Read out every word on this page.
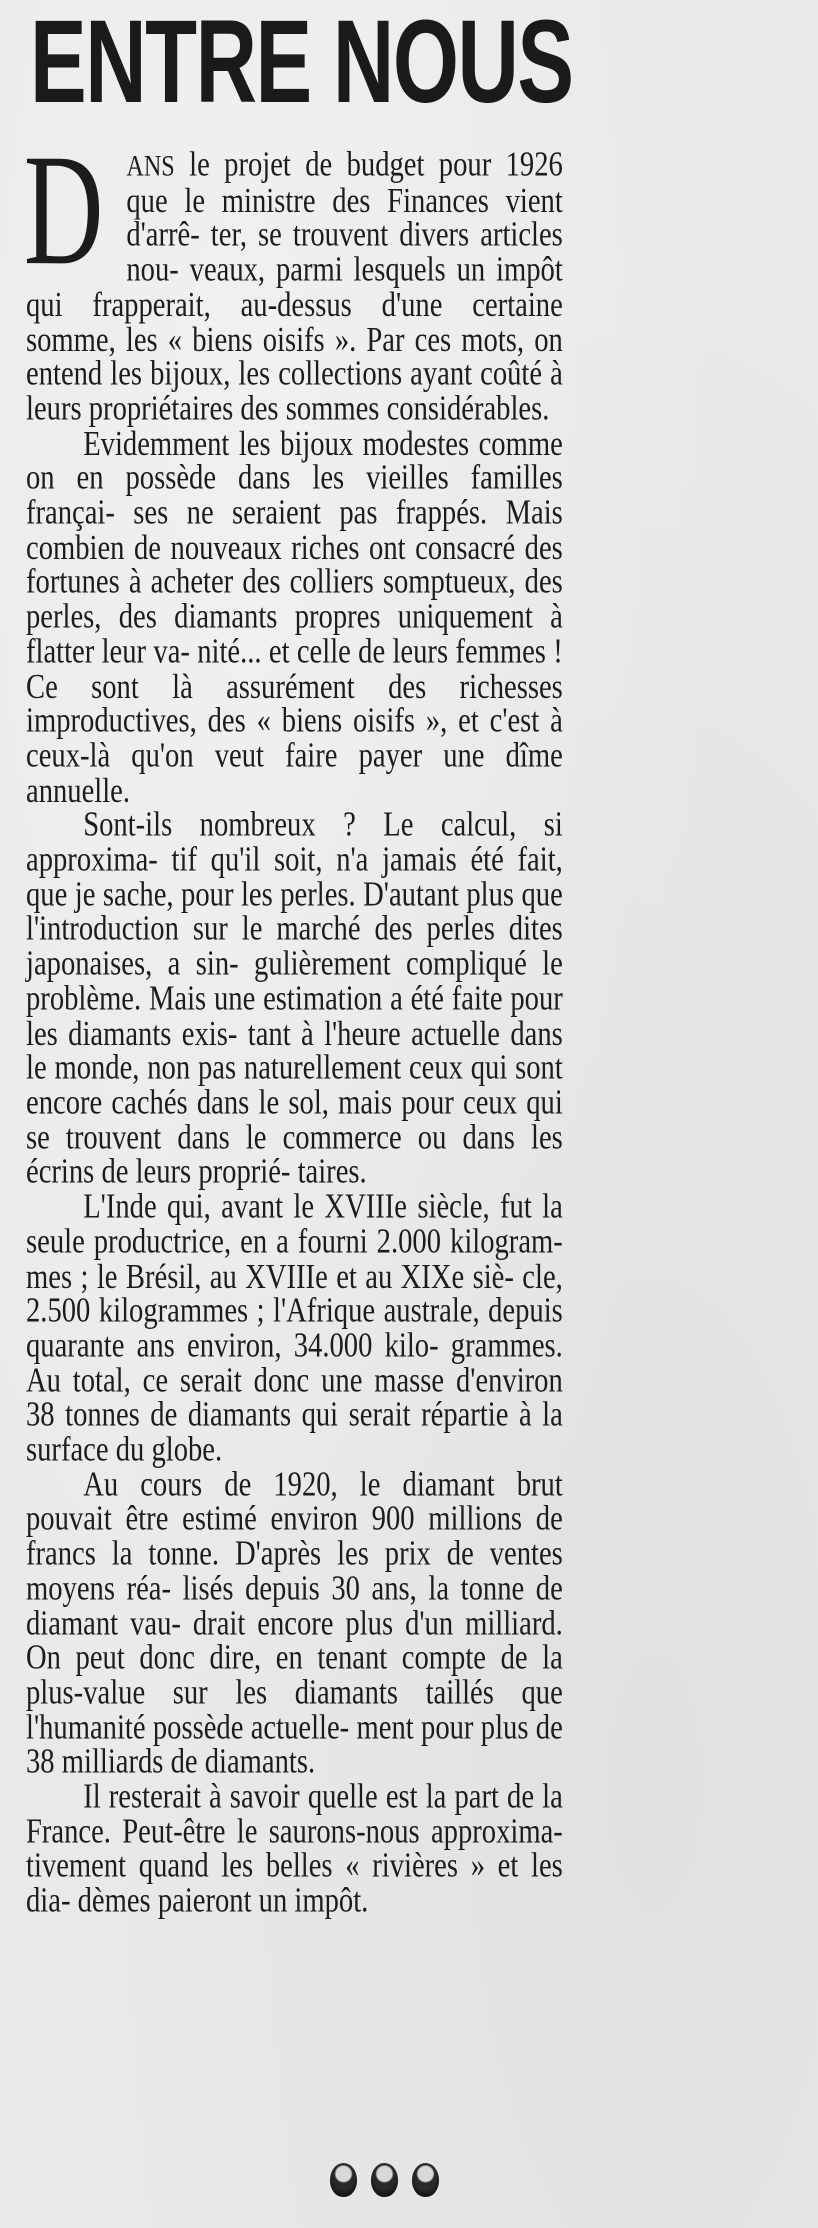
ENTRE NOUS

D ANS le projet de budget pour 1926 que le ministre des Finances vient d'arrê- ter, se trouvent divers articles nou- veaux, parmi lesquels un impôt qui frapperait, au-dessus d'une certaine somme, les « biens oisifs ». Par ces mots, on entend les bijoux, les collections ayant coûté à leurs propriétaires des sommes considérables.

Evidemment les bijoux modestes comme on en possède dans les vieilles familles françai- ses ne seraient pas frappés. Mais combien de nouveaux riches ont consacré des fortunes à acheter des colliers somptueux, des perles, des diamants propres uniquement à flatter leur va- nité... et celle de leurs femmes ! Ce sont là assurément des richesses improductives, des « biens oisifs », et c'est à ceux-là qu'on veut faire payer une dîme annuelle.

Sont-ils nombreux ? Le calcul, si approxima- tif qu'il soit, n'a jamais été fait, que je sache, pour les perles. D'autant plus que l'introduction sur le marché des perles dites japonaises, a sin- gulièrement compliqué le problème. Mais une estimation a été faite pour les diamants exis- tant à l'heure actuelle dans le monde, non pas naturellement ceux qui sont encore cachés dans le sol, mais pour ceux qui se trouvent dans le commerce ou dans les écrins de leurs proprié- taires.

L'Inde qui, avant le XVIIIe siècle, fut la seule productrice, en a fourni 2.000 kilogram- mes ; le Brésil, au XVIIIe et au XIXe siè- cle, 2.500 kilogrammes ; l'Afrique australe, depuis quarante ans environ, 34.000 kilo- grammes. Au total, ce serait donc une masse d'environ 38 tonnes de diamants qui serait répartie à la surface du globe.

Au cours de 1920, le diamant brut pouvait être estimé environ 900 millions de francs la tonne. D'après les prix de ventes moyens réa- lisés depuis 30 ans, la tonne de diamant vau- drait encore plus d'un milliard. On peut donc dire, en tenant compte de la plus-value sur les diamants taillés que l'humanité possède actuelle- ment pour plus de 38 milliards de diamants.

Il resterait à savoir quelle est la part de la France. Peut-être le saurons-nous approxima- tivement quand les belles « rivières » et les dia- dèmes paieront un impôt.
